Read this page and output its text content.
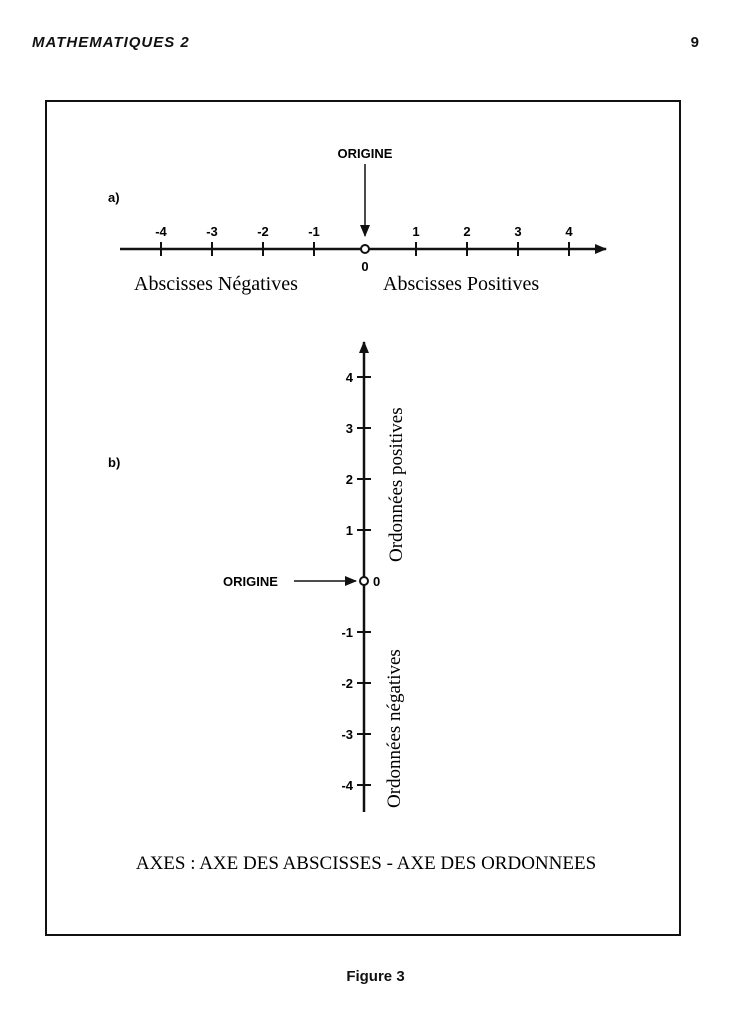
MATHEMATIQUES 2	9
a)
ORIGINE
-4	-3	-2	-1	1	2	3	4
0
Abscisses Négatives	Abscisses Positives
b)
4
3
2
1
-1
-2
-3
-4
ORIGINE	0
Ordonnées positives
Ordonnées négatives
AXES : AXE DES ABSCISSES - AXE DES ORDONNEES
Figure 3
